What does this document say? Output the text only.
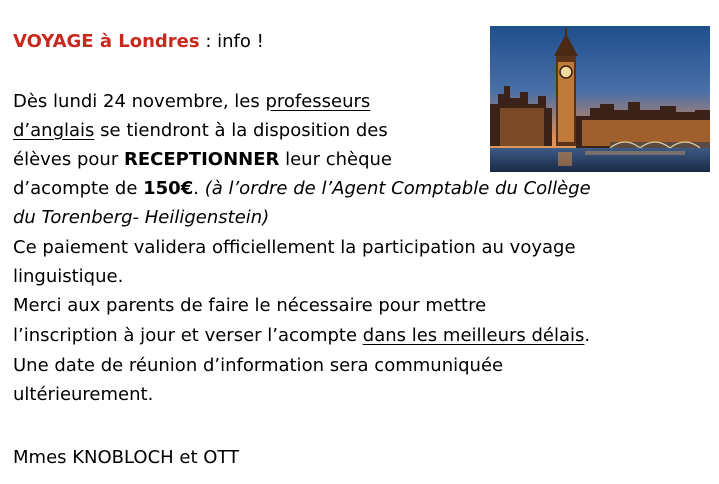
VOYAGE à Londres : info !
Dès lundi 24 novembre, les professeurs
d’anglais se tiendront à la disposition des
élèves pour RECEPTIONNER leur chèque
d’acompte de 150€. (à l’ordre de l’Agent Comptable du Collège
du Torenberg- Heiligenstein)
Ce paiement validera officiellement la participation au voyage
linguistique.
Merci aux parents de faire le nécessaire pour mettre
l’inscription à jour et verser l’acompte dans les meilleurs délais.
Une date de réunion d’information sera communiquée
ultérieurement.
Mmes KNOBLOCH et OTT
